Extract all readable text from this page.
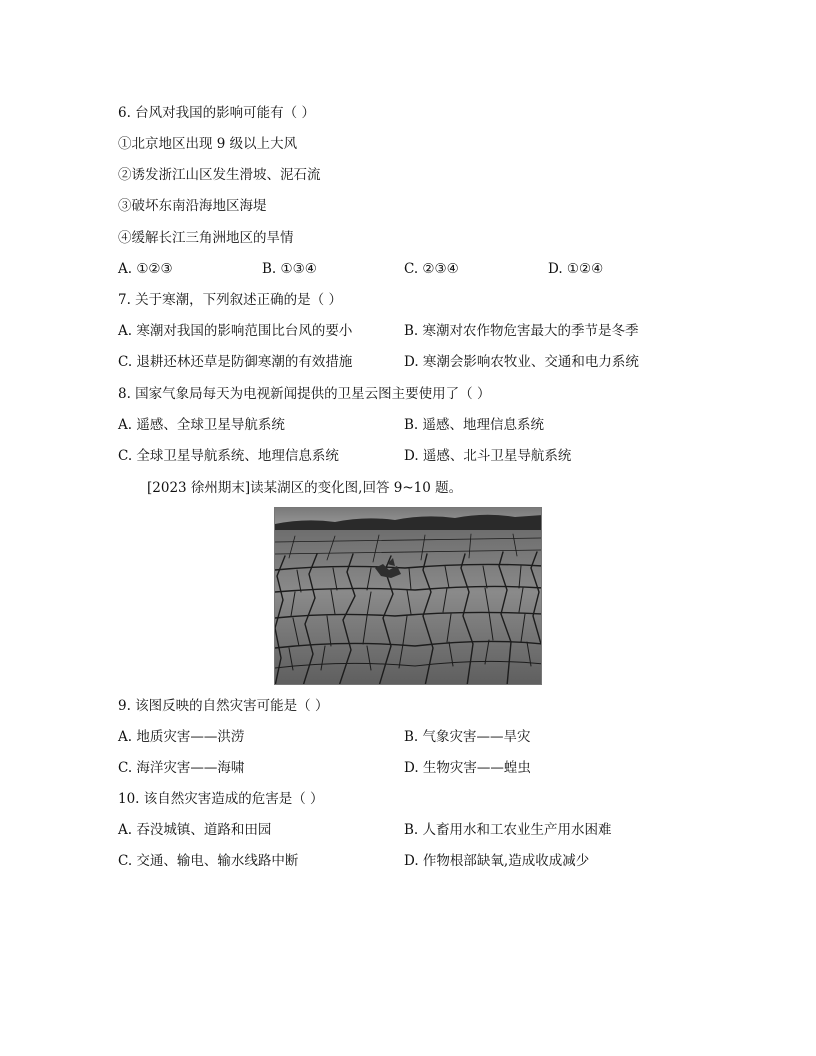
6. 台风对我国的影响可能有（ ）
①北京地区出现 9 级以上大风
②诱发浙江山区发生滑坡、泥石流
③破坏东南沿海地区海堤
④缓解长江三角洲地区的旱情
A. ①②③	B. ①③④	C. ②③④	D. ①②④
7. 关于寒潮，下列叙述正确的是（ ）
A. 寒潮对我国的影响范围比台风的要小	B. 寒潮对农作物危害最大的季节是冬季
C. 退耕还林还草是防御寒潮的有效措施	D. 寒潮会影响农牧业、交通和电力系统
8. 国家气象局每天为电视新闻提供的卫星云图主要使用了（ ）
A. 遥感、全球卫星导航系统	B. 遥感、地理信息系统
C. 全球卫星导航系统、地理信息系统	D. 遥感、北斗卫星导航系统
[2023 徐州期末]读某湖区的变化图,回答 9~10 题。
9. 该图反映的自然灾害可能是（ ）
A. 地质灾害——洪涝	B. 气象灾害——旱灾
C. 海洋灾害——海啸	D. 生物灾害——蝗虫
10. 该自然灾害造成的危害是（ ）
A. 吞没城镇、道路和田园	B. 人畜用水和工农业生产用水困难
C. 交通、输电、输水线路中断	D. 作物根部缺氧,造成收成减少
